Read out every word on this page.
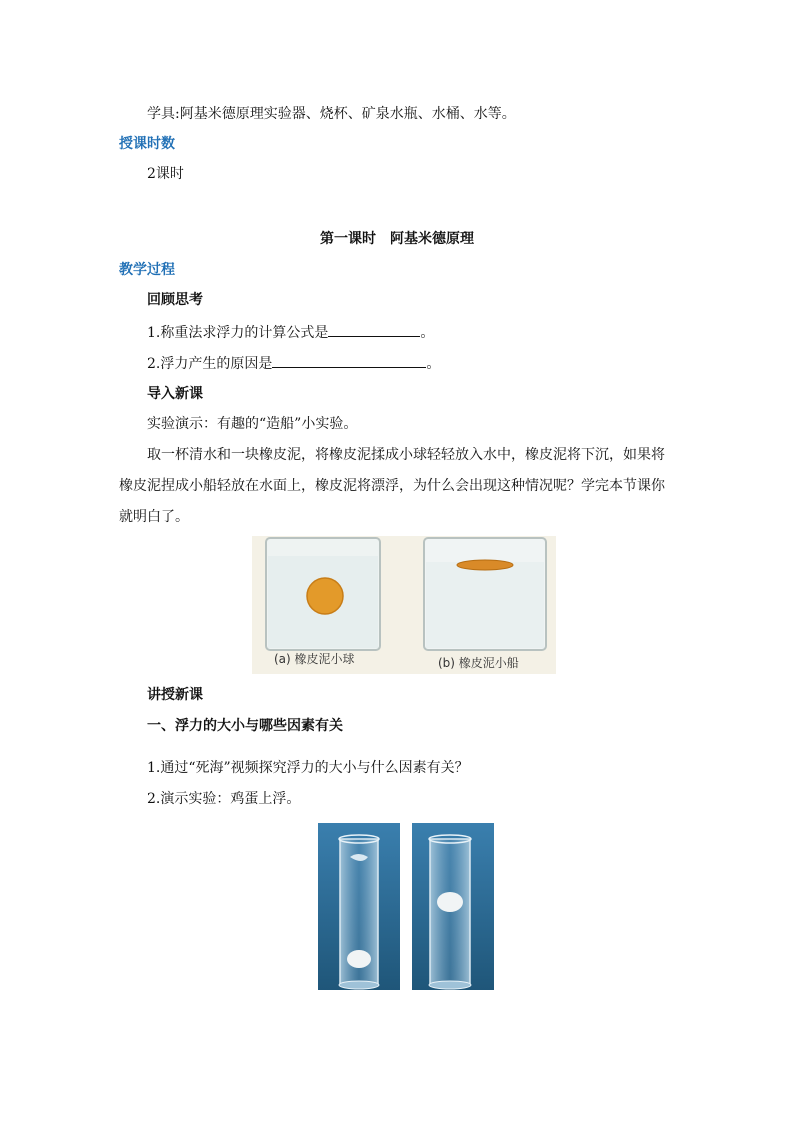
学具:阿基米德原理实验器、烧杯、矿泉水瓶、水桶、水等。
授课时数
2课时
第一课时　阿基米德原理
教学过程
回顾思考
1.称重法求浮力的计算公式是	。
2.浮力产生的原因是	。
导入新课
实验演示：有趣的“造船”小实验。
取一杯清水和一块橡皮泥，将橡皮泥揉成小球轻轻放入水中，橡皮泥将下沉，如果将橡皮泥捏成小船轻放在水面上，橡皮泥将漂浮，为什么会出现这种情况呢？学完本节课你就明白了。
(a) 橡皮泥小球	(b) 橡皮泥小船
讲授新课
一、浮力的大小与哪些因素有关
1.通过“死海”视频探究浮力的大小与什么因素有关？
2.演示实验：鸡蛋上浮。
